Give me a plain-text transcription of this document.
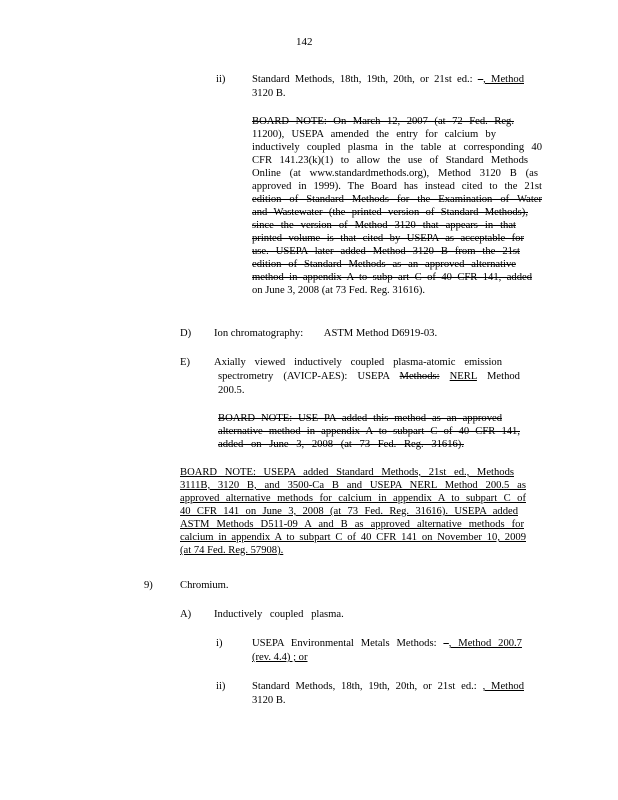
142
ii)	Standard Methods, 18th, 19th, 20th, or 21st ed.: –, Method
3120 B.
BOARD NOTE: On March 12, 2007 (at 72 Fed. Reg.
11200), USEPA amended the entry for calcium by
inductively coupled plasma in the table at corresponding 40
CFR 141.23(k)(1) to allow the use of Standard Methods
Online (at www.standardmethods.org), Method 3120 B (as
approved in 1999). The Board has instead cited to the 21st
edition of Standard Methods for the Examination of Water
and Wastewater (the printed version of Standard Methods),
since the version of Method 3120 that appears in that
printed volume is that cited by USEPA as acceptable for
use. USEPA later added Method 3120 B from the 21st
edition of Standard Methods as an approved alternative
method in appendix A to subp art C of 40 CFR 141, added
on June 3, 2008 (at 73 Fed. Reg. 31616).
D) Ion chromatography: ASTM Method D6919-03.
E) Axially viewed inductively coupled plasma-atomic emission
spectrometry (AVICP-AES): USEPA Methods: NERL Method
200.5.
BOARD NOTE: USE PA added this method as an approved
alternative method in appendix A to subpart C of 40 CFR 141,
added on June 3, 2008 (at 73 Fed. Reg. 31616).
BOARD NOTE: USEPA added Standard Methods, 21st ed., Methods
3111B, 3120 B, and 3500-Ca B and USEPA NERL Method 200.5 as
approved alternative methods for calcium in appendix A to subpart C of
40 CFR 141 on June 3, 2008 (at 73 Fed. Reg. 31616). USEPA added
ASTM Methods D511-09 A and B as approved alternative methods for
calcium in appendix A to subpart C of 40 CFR 141 on November 10, 2009
(at 74 Fed. Reg. 57908).
9)	Chromium.
A) Inductively coupled plasma.
i)	USEPA Environmental Metals Methods: –, Method 200.7
(rev. 4.4) ; or
ii)	Standard Methods, 18th, 19th, 20th, or 21st ed.: , Method
3120 B.
